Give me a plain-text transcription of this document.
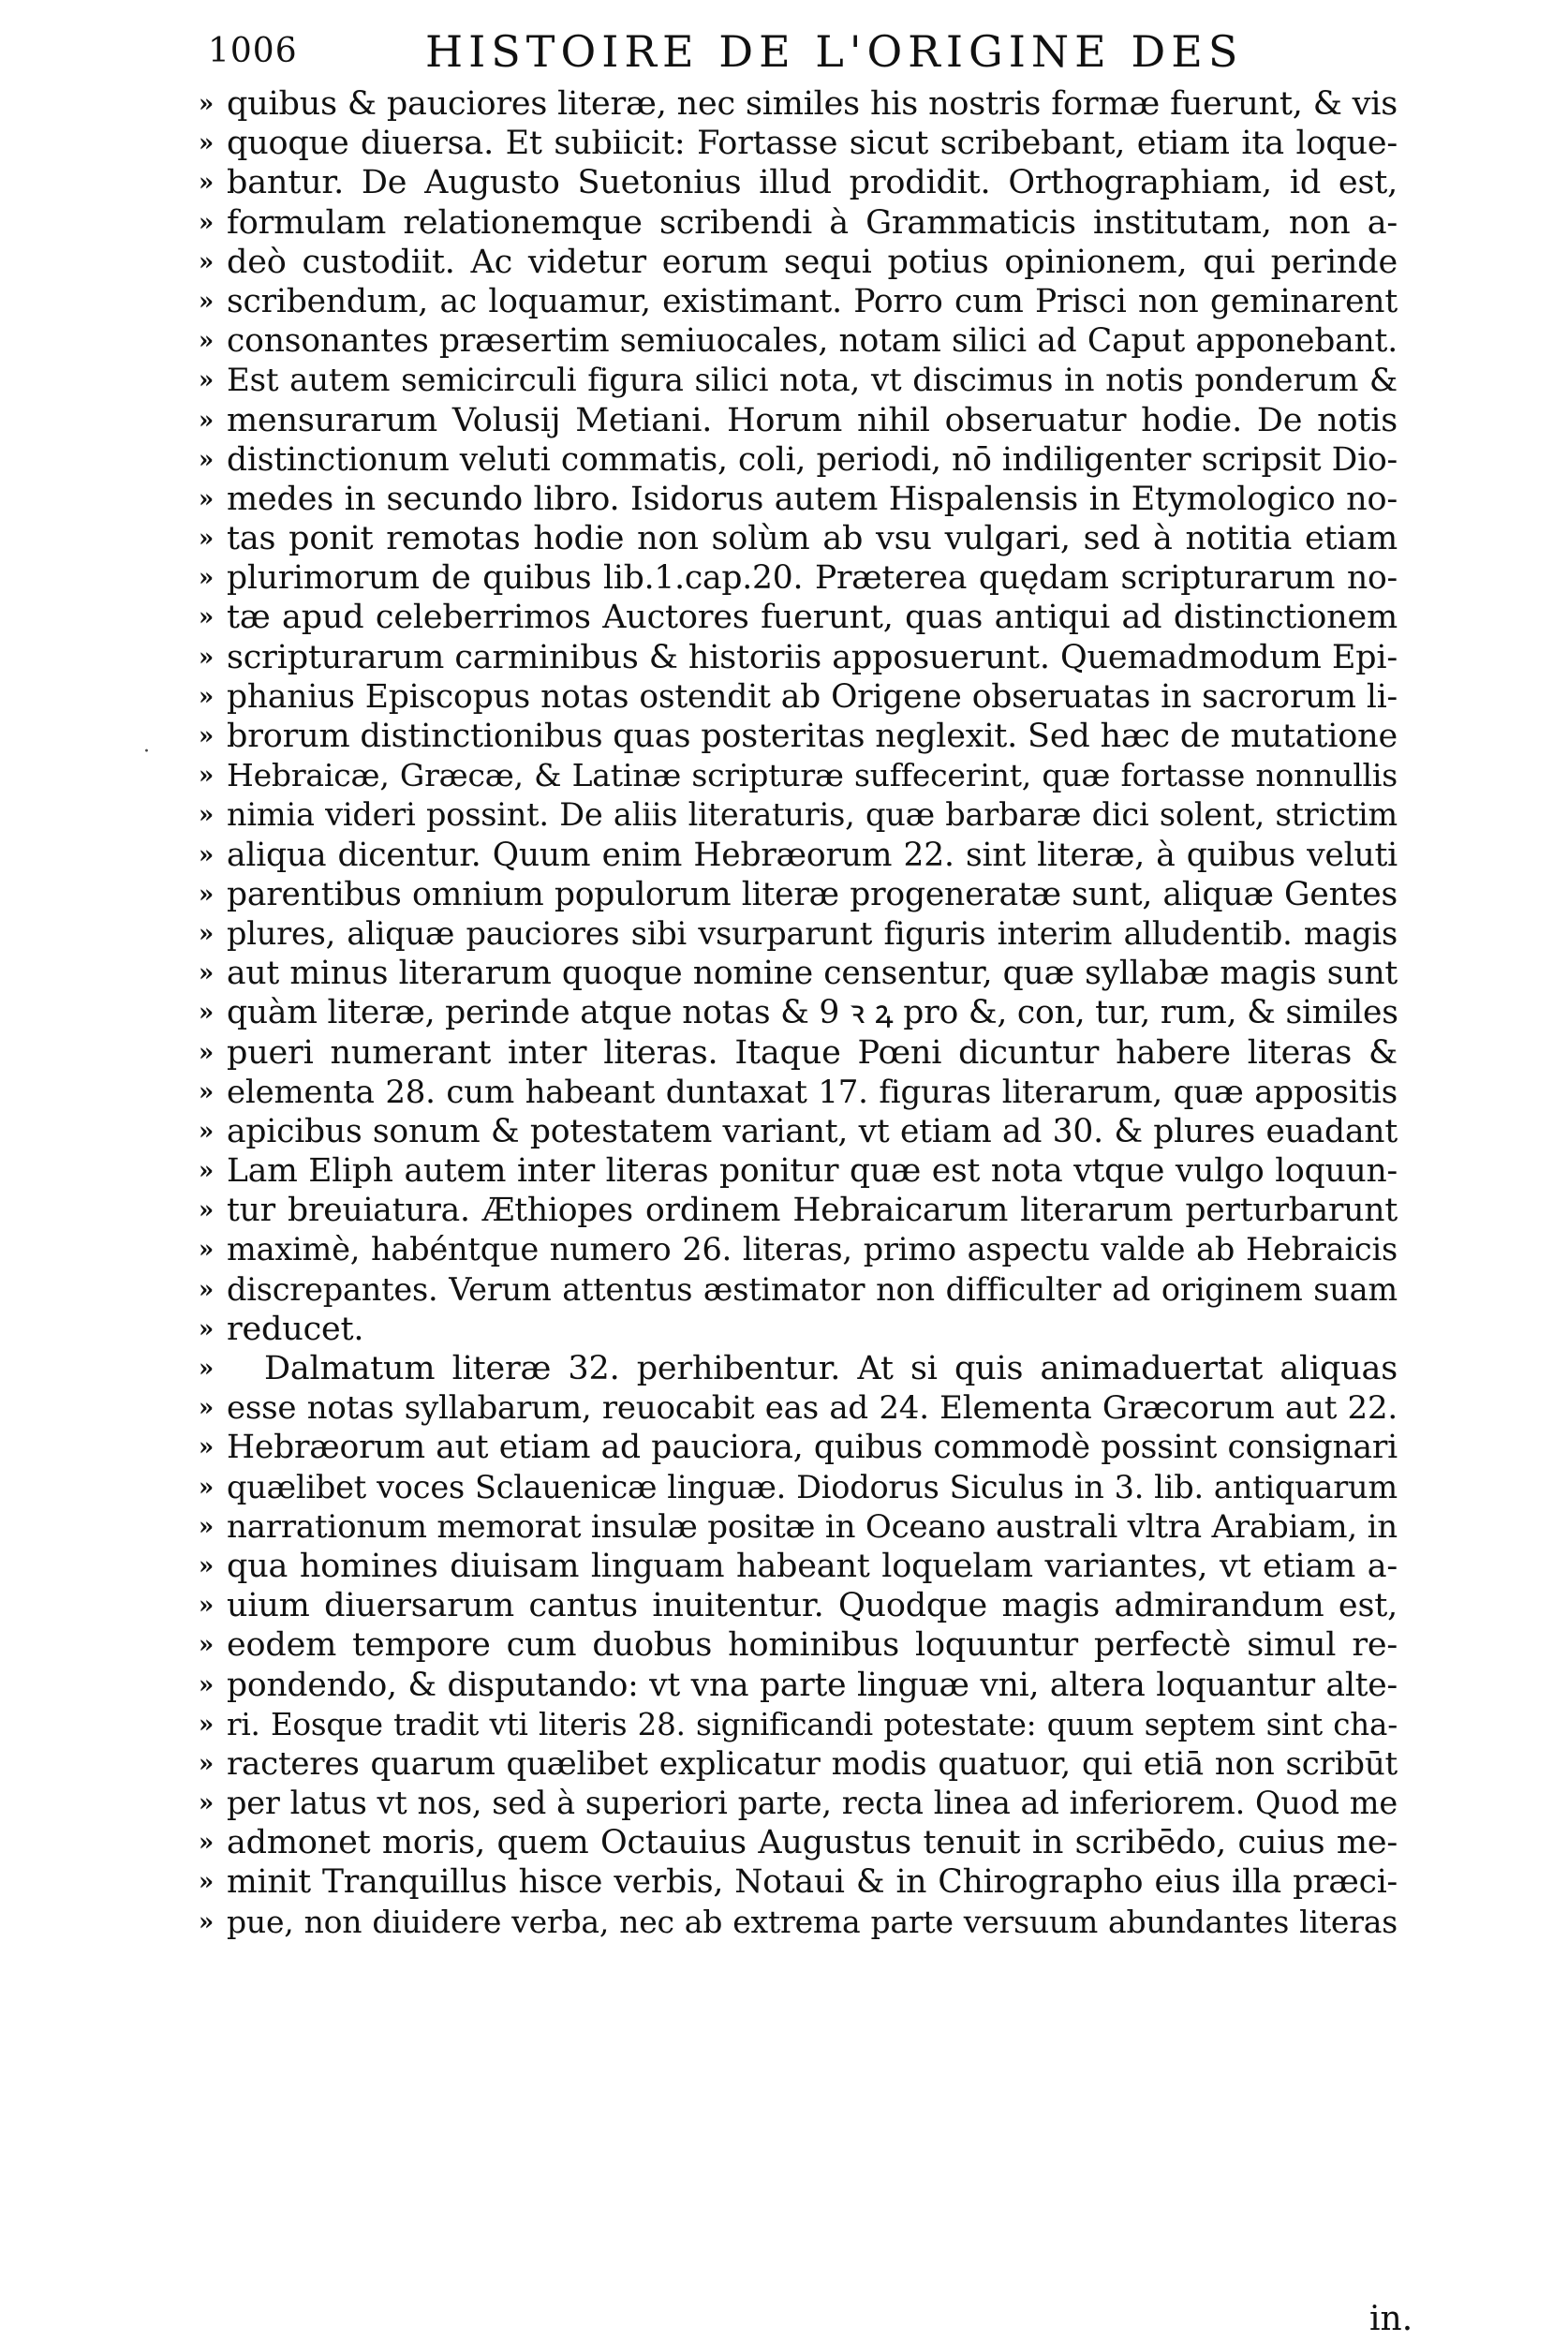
1006	HISTOIRE DE L'ORIGINE DES
·
» quibus & pauciores literæ, nec similes his nostris formæ fuerunt, & vis
» quoque diuersa. Et subiicit: Fortasse sicut scribebant, etiam ita loque-
» bantur. De Augusto Suetonius illud prodidit. Orthographiam, id est,
» formulam relationemque scribendi à Grammaticis institutam, non a-
» deò custodiit. Ac videtur eorum sequi potius opinionem, qui perinde
» scribendum, ac loquamur, existimant. Porro cum Prisci non geminarent
» consonantes præsertim semiuocales, notam silici ad Caput apponebant.
» Est autem semicirculi figura silici nota, vt discimus in notis ponderum &
» mensurarum Volusij Metiani. Horum nihil obseruatur hodie. De notis
» distinctionum veluti commatis, coli, periodi, nō indiligenter scripsit Dio-
» medes in secundo libro. Isidorus autem Hispalensis in Etymologico no-
» tas ponit remotas hodie non solùm ab vsu vulgari, sed à notitia etiam
» plurimorum de quibus lib.1.cap.20. Præterea quędam scripturarum no-
» tæ apud celeberrimos Auctores fuerunt, quas antiqui ad distinctionem
» scripturarum carminibus & historiis apposuerunt. Quemadmodum Epi-
» phanius Episcopus notas ostendit ab Origene obseruatas in sacrorum li-
» brorum distinctionibus quas posteritas neglexit. Sed hæc de mutatione
» Hebraicæ, Græcæ, & Latinæ scripturæ suffecerint, quæ fortasse nonnullis
» nimia videri possint. De aliis literaturis, quæ barbaræ dici solent, strictim
» aliqua dicentur. Quum enim Hebræorum 22. sint literæ, à quibus veluti
» parentibus omnium populorum literæ progeneratæ sunt, aliquæ Gentes
» plures, aliquæ pauciores sibi vsurparunt figuris interim alludentib. magis
» aut minus literarum quoque nomine censentur, quæ syllabæ magis sunt
» quàm literæ, perinde atque notas & 9 ꝛ ꝝ pro &, con, tur, rum, & similes
» pueri numerant inter literas. Itaque Pœni dicuntur habere literas &
» elementa 28. cum habeant duntaxat 17. figuras literarum, quæ appositis
» apicibus sonum & potestatem variant, vt etiam ad 30. & plures euadant
» Lam Eliph autem inter literas ponitur quæ est nota vtque vulgo loquun-
» tur breuiatura. Æthiopes ordinem Hebraicarum literarum perturbarunt
» maximè, habéntque numero 26. literas, primo aspectu valde ab Hebraicis
» discrepantes. Verum attentus æstimator non difficulter ad originem suam
» reducet.
»	Dalmatum literæ 32. perhibentur. At si quis animaduertat aliquas
» esse notas syllabarum, reuocabit eas ad 24. Elementa Græcorum aut 22.
» Hebræorum aut etiam ad pauciora, quibus commodè possint consignari
» quælibet voces Sclauenicæ linguæ. Diodorus Siculus in 3. lib. antiquarum
» narrationum memorat insulæ positæ in Oceano australi vltra Arabiam, in
» qua homines diuisam linguam habeant loquelam variantes, vt etiam a-
» uium diuersarum cantus inuitentur. Quodque magis admirandum est,
» eodem tempore cum duobus hominibus loquuntur perfectè simul re-
» pondendo, & disputando: vt vna parte linguæ vni, altera loquantur alte-
» ri. Eosque tradit vti literis 28. significandi potestate: quum septem sint cha-
» racteres quarum quælibet explicatur modis quatuor, qui etiā non scribūt
» per latus vt nos, sed à superiori parte, recta linea ad inferiorem. Quod me
» admonet moris, quem Octauius Augustus tenuit in scribēdo, cuius me-
» minit Tranquillus hisce verbis, Notaui & in Chirographo eius illa præci-
» pue, non diuidere verba, nec ab extrema parte versuum abundantes literas
in.
